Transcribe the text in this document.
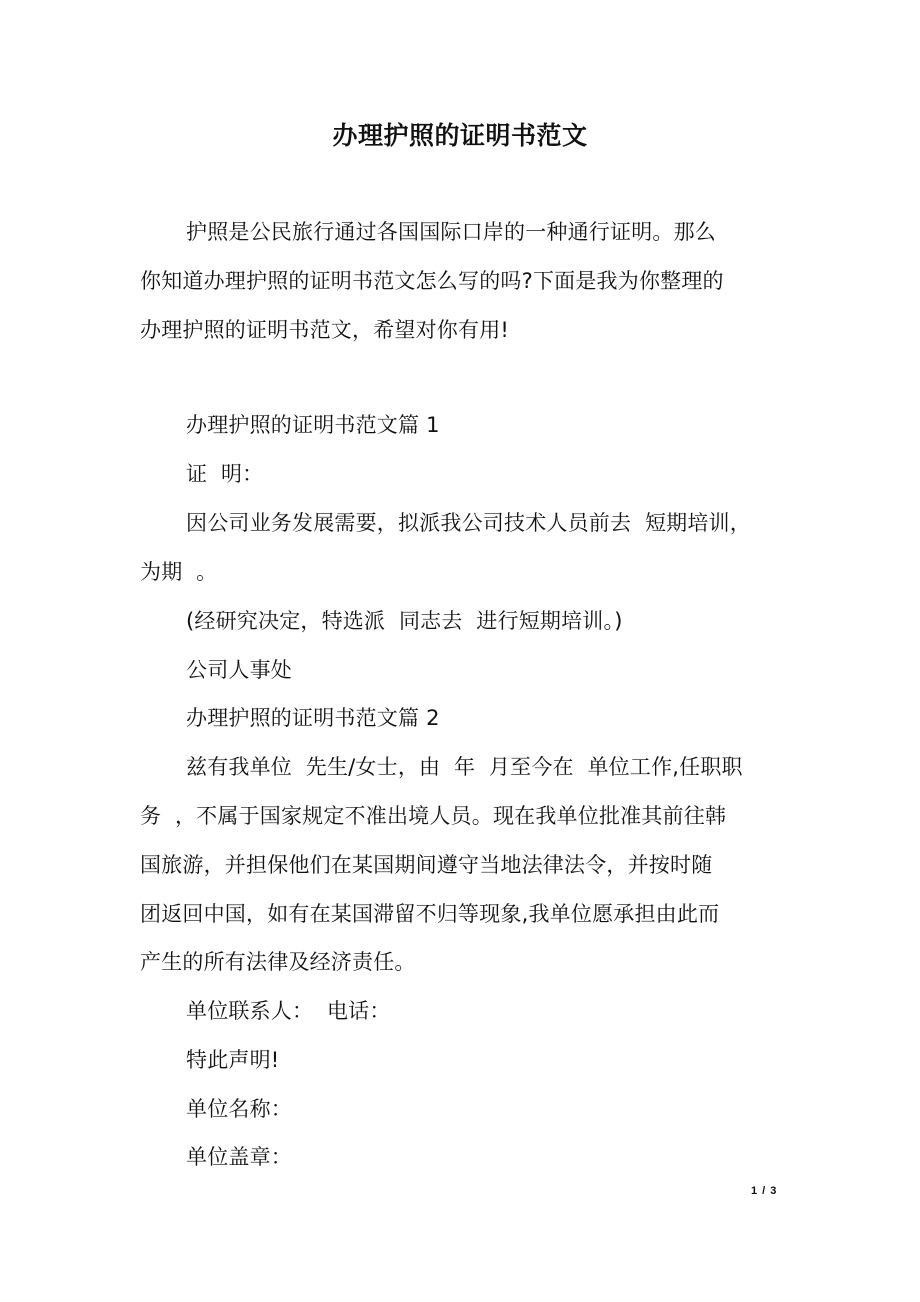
办理护照的证明书范文
护照是公民旅行通过各国国际口岸的一种通行证明。那么
你知道办理护照的证明书范文怎么写的吗?下面是我为你整理的
办理护照的证明书范文，希望对你有用!
办理护照的证明书范文篇 1
证  明：
因公司业务发展需要，拟派我公司技术人员前去  短期培训，
为期  。
(经研究决定，特选派  同志去  进行短期培训。)
公司人事处
办理护照的证明书范文篇 2
兹有我单位  先生/女士，由  年  月至今在  单位工作,任职职
务  ，不属于国家规定不准出境人员。现在我单位批准其前往韩
国旅游，并担保他们在某国期间遵守当地法律法令，并按时随
团返回中国，如有在某国滞留不归等现象,我单位愿承担由此而
产生的所有法律及经济责任。
单位联系人：  电话：
特此声明!
单位名称：
单位盖章：
1 / 3
